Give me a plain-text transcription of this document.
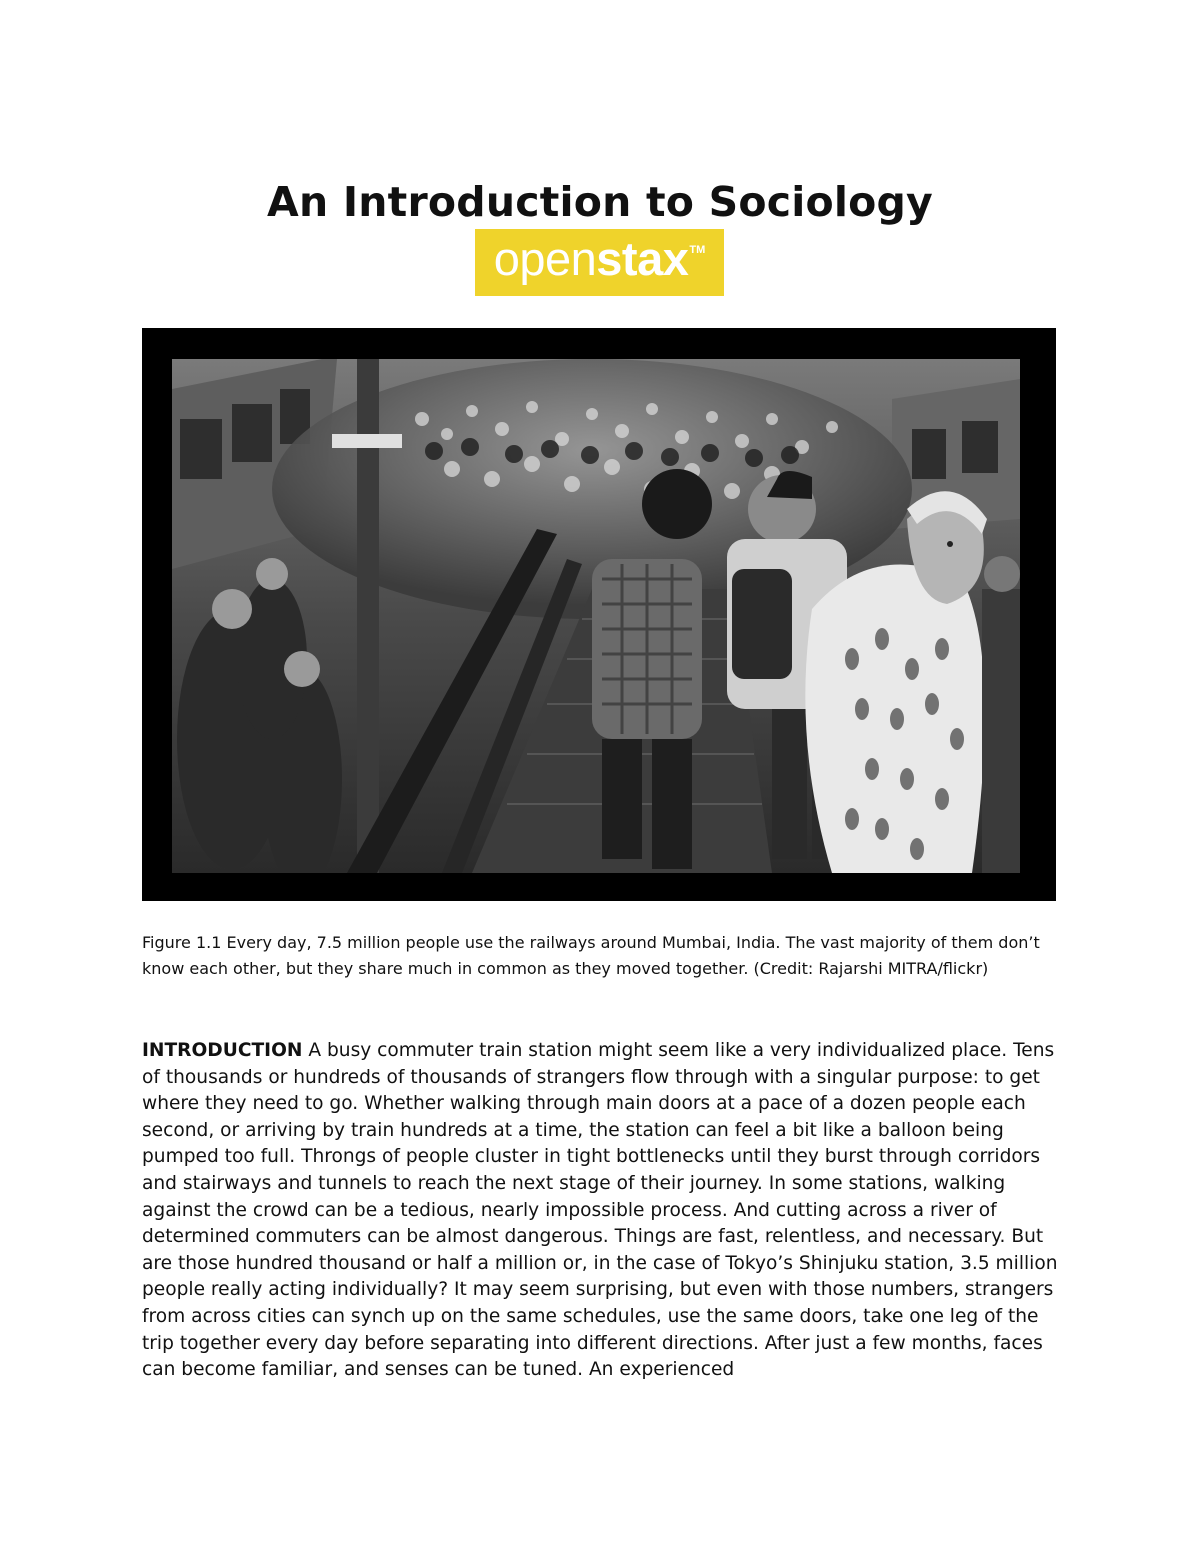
An Introduction to Sociology
openstax TM

Figure 1.1 Every day, 7.5 million people use the railways around Mumbai, India. The vast majority of them don’t know each other, but they share much in common as they moved together. (Credit: Rajarshi MITRA/flickr)

INTRODUCTION A busy commuter train station might seem like a very individualized place. Tens of thousands or hundreds of thousands of strangers flow through with a singular purpose: to get where they need to go. Whether walking through main doors at a pace of a dozen people each second, or arriving by train hundreds at a time, the station can feel a bit like a balloon being pumped too full. Throngs of people cluster in tight bottlenecks until they burst through corridors and stairways and tunnels to reach the next stage of their journey. In some stations, walking against the crowd can be a tedious, nearly impossible process. And cutting across a river of determined commuters can be almost dangerous. Things are fast, relentless, and necessary. But are those hundred thousand or half a million or, in the case of Tokyo’s Shinjuku station, 3.5 million people really acting individually? It may seem surprising, but even with those numbers, strangers from across cities can synch up on the same schedules, use the same doors, take one leg of the trip together every day before separating into different directions. After just a few months, faces can become familiar, and senses can be tuned. An experienced
